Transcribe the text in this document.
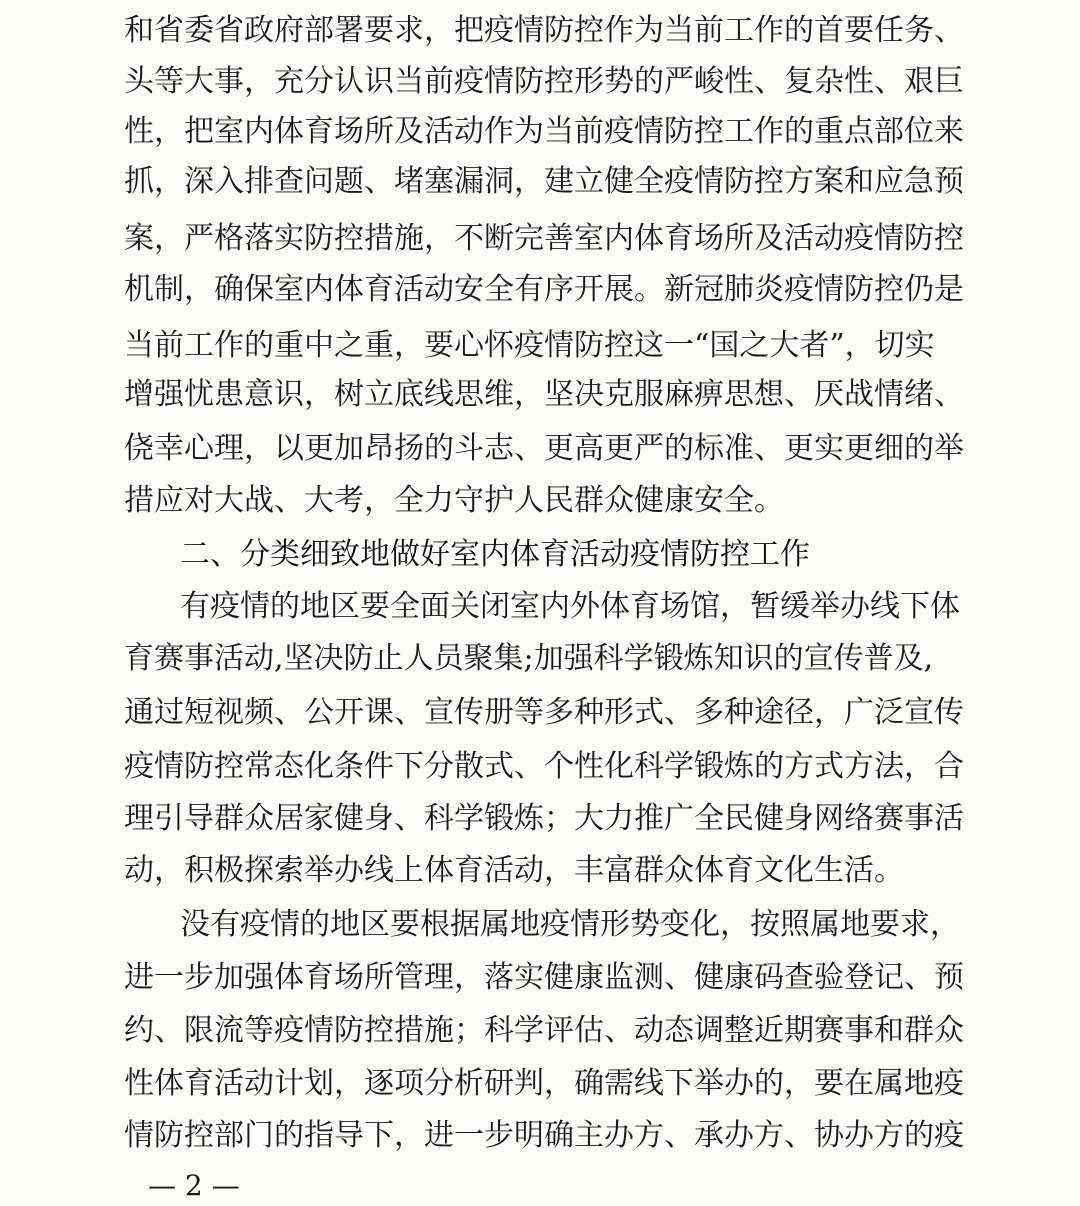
和省委省政府部署要求，把疫情防控作为当前工作的首要任务、
头等大事，充分认识当前疫情防控形势的严峻性、复杂性、艰巨
性，把室内体育场所及活动作为当前疫情防控工作的重点部位来
抓，深入排查问题、堵塞漏洞，建立健全疫情防控方案和应急预
案，严格落实防控措施，不断完善室内体育场所及活动疫情防控
机制，确保室内体育活动安全有序开展。新冠肺炎疫情防控仍是
当前工作的重中之重，要心怀疫情防控这一“国之大者”，切实
增强忧患意识，树立底线思维，坚决克服麻痹思想、厌战情绪、
侥幸心理，以更加昂扬的斗志、更高更严的标准、更实更细的举
措应对大战、大考，全力守护人民群众健康安全。
二、分类细致地做好室内体育活动疫情防控工作
有疫情的地区要全面关闭室内外体育场馆，暂缓举办线下体
育赛事活动,坚决防止人员聚集;加强科学锻炼知识的宣传普及,
通过短视频、公开课、宣传册等多种形式、多种途径，广泛宣传
疫情防控常态化条件下分散式、个性化科学锻炼的方式方法，合
理引导群众居家健身、科学锻炼；大力推广全民健身网络赛事活
动，积极探索举办线上体育活动，丰富群众体育文化生活。
没有疫情的地区要根据属地疫情形势变化，按照属地要求，
进一步加强体育场所管理，落实健康监测、健康码查验登记、预
约、限流等疫情防控措施；科学评估、动态调整近期赛事和群众
性体育活动计划，逐项分析研判，确需线下举办的，要在属地疫
情防控部门的指导下，进一步明确主办方、承办方、协办方的疫
— 2 —
